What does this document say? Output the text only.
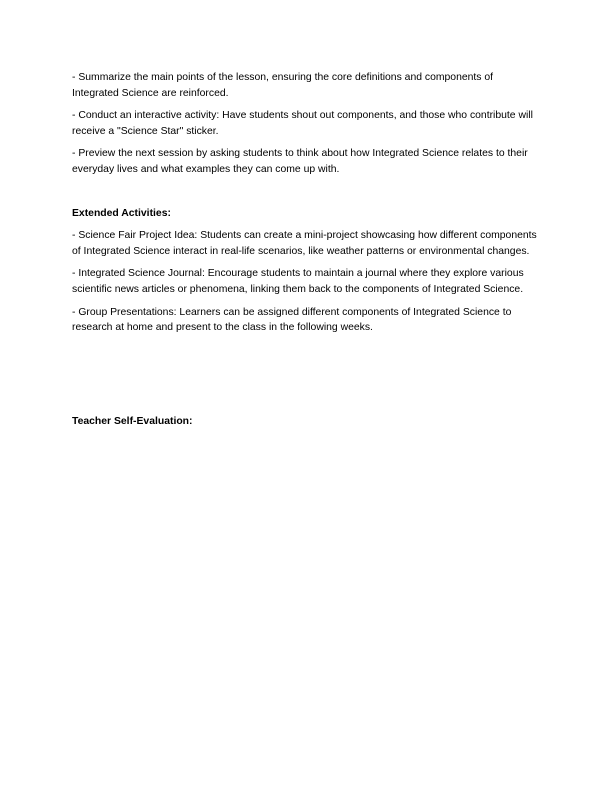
- Summarize the main points of the lesson, ensuring the core definitions and components of Integrated Science are reinforced.

- Conduct an interactive activity: Have students shout out components, and those who contribute will receive a "Science Star" sticker.

- Preview the next session by asking students to think about how Integrated Science relates to their everyday lives and what examples they can come up with.

Extended Activities:

- Science Fair Project Idea: Students can create a mini-project showcasing how different components of Integrated Science interact in real-life scenarios, like weather patterns or environmental changes.

- Integrated Science Journal: Encourage students to maintain a journal where they explore various scientific news articles or phenomena, linking them back to the components of Integrated Science.

- Group Presentations: Learners can be assigned different components of Integrated Science to research at home and present to the class in the following weeks.

Teacher Self-Evaluation:
